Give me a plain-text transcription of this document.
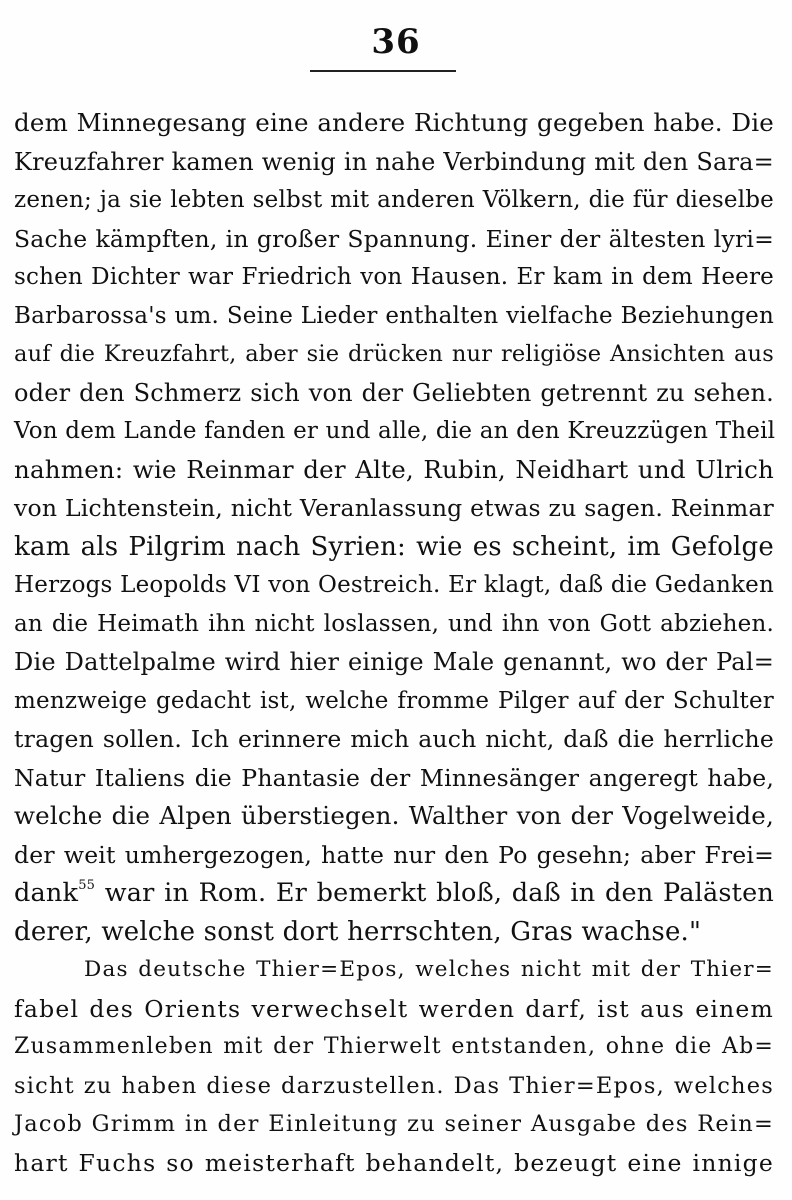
36
dem Minnegesang eine andere Richtung gegeben habe. Die
Kreuzfahrer kamen wenig in nahe Verbindung mit den Sara=
zenen; ja sie lebten selbst mit anderen Völkern, die für dieselbe
Sache kämpften, in großer Spannung. Einer der ältesten lyri=
schen Dichter war Friedrich von Hausen. Er kam in dem Heere
Barbarossa's um. Seine Lieder enthalten vielfache Beziehungen
auf die Kreuzfahrt, aber sie drücken nur religiöse Ansichten aus
oder den Schmerz sich von der Geliebten getrennt zu sehen.
Von dem Lande fanden er und alle, die an den Kreuzzügen Theil
nahmen: wie Reinmar der Alte, Rubin, Neidhart und Ulrich
von Lichtenstein, nicht Veranlassung etwas zu sagen. Reinmar
kam als Pilgrim nach Syrien: wie es scheint, im Gefolge
Herzogs Leopolds VI von Oestreich. Er klagt, daß die Gedanken
an die Heimath ihn nicht loslassen, und ihn von Gott abziehen.
Die Dattelpalme wird hier einige Male genannt, wo der Pal=
menzweige gedacht ist, welche fromme Pilger auf der Schulter
tragen sollen. Ich erinnere mich auch nicht, daß die herrliche
Natur Italiens die Phantasie der Minnesänger angeregt habe,
welche die Alpen überstiegen. Walther von der Vogelweide,
der weit umhergezogen, hatte nur den Po gesehn; aber Frei=
dank$^{55}$ war in Rom. Er bemerkt bloß, daß in den Palästen
derer, welche sonst dort herrschten, Gras wachse."
Das deutsche Thier=Epos, welches nicht mit der Thier=
fabel des Orients verwechselt werden darf, ist aus einem
Zusammenleben mit der Thierwelt entstanden, ohne die Ab=
sicht zu haben diese darzustellen. Das Thier=Epos, welches
Jacob Grimm in der Einleitung zu seiner Ausgabe des Rein=
hart Fuchs so meisterhaft behandelt, bezeugt eine innige
